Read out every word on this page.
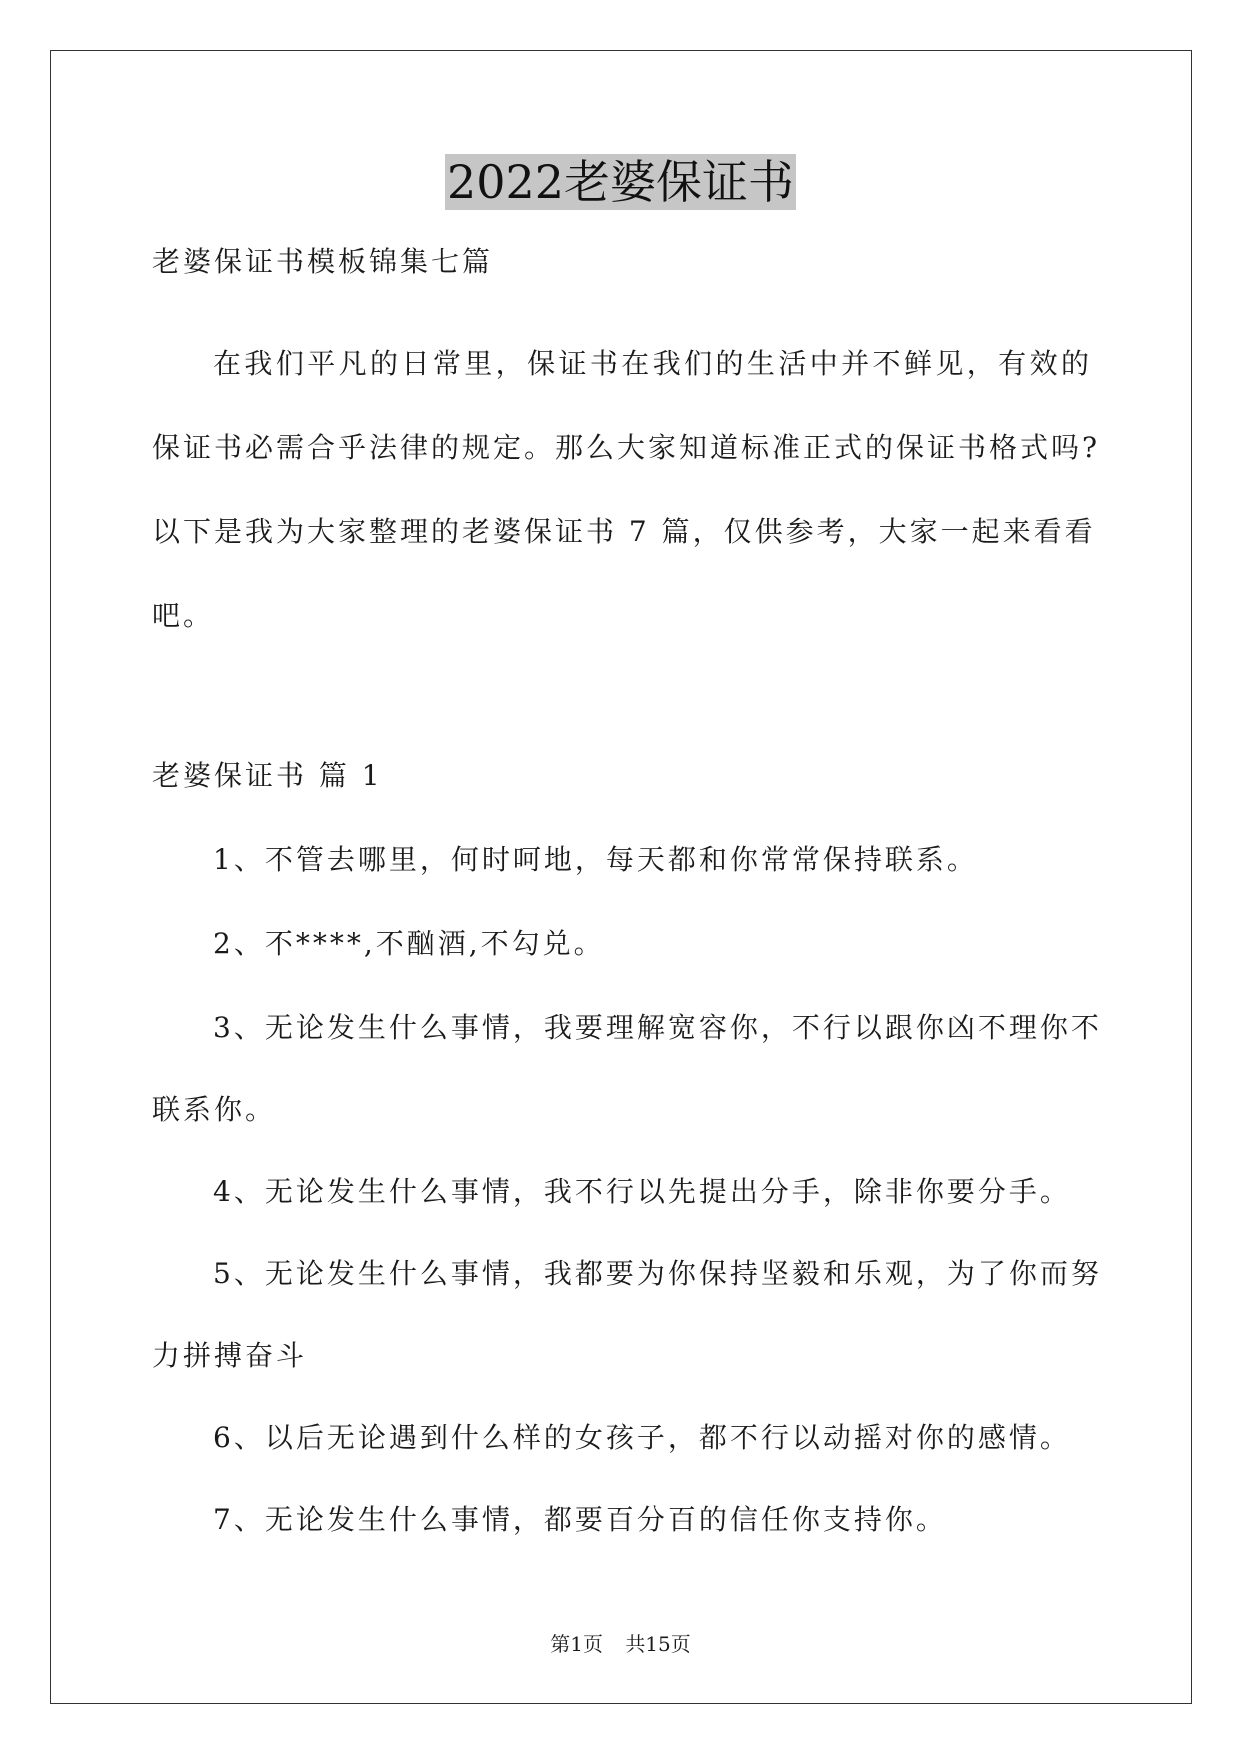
2022老婆保证书
老婆保证书模板锦集七篇
在我们平凡的日常里，保证书在我们的生活中并不鲜见，有效的
保证书必需合乎法律的规定。那么大家知道标准正式的保证书格式吗?
以下是我为大家整理的老婆保证书 7 篇，仅供参考，大家一起来看看
吧。
老婆保证书 篇 1
1、不管去哪里，何时呵地，每天都和你常常保持联系。
2、不****,不酗酒,不勾兑。
3、无论发生什么事情，我要理解宽容你，不行以跟你凶不理你不
联系你。
4、无论发生什么事情，我不行以先提出分手，除非你要分手。
5、无论发生什么事情，我都要为你保持坚毅和乐观，为了你而努
力拼搏奋斗
6、以后无论遇到什么样的女孩子，都不行以动摇对你的感情。
7、无论发生什么事情，都要百分百的信任你支持你。
第1页 共15页
